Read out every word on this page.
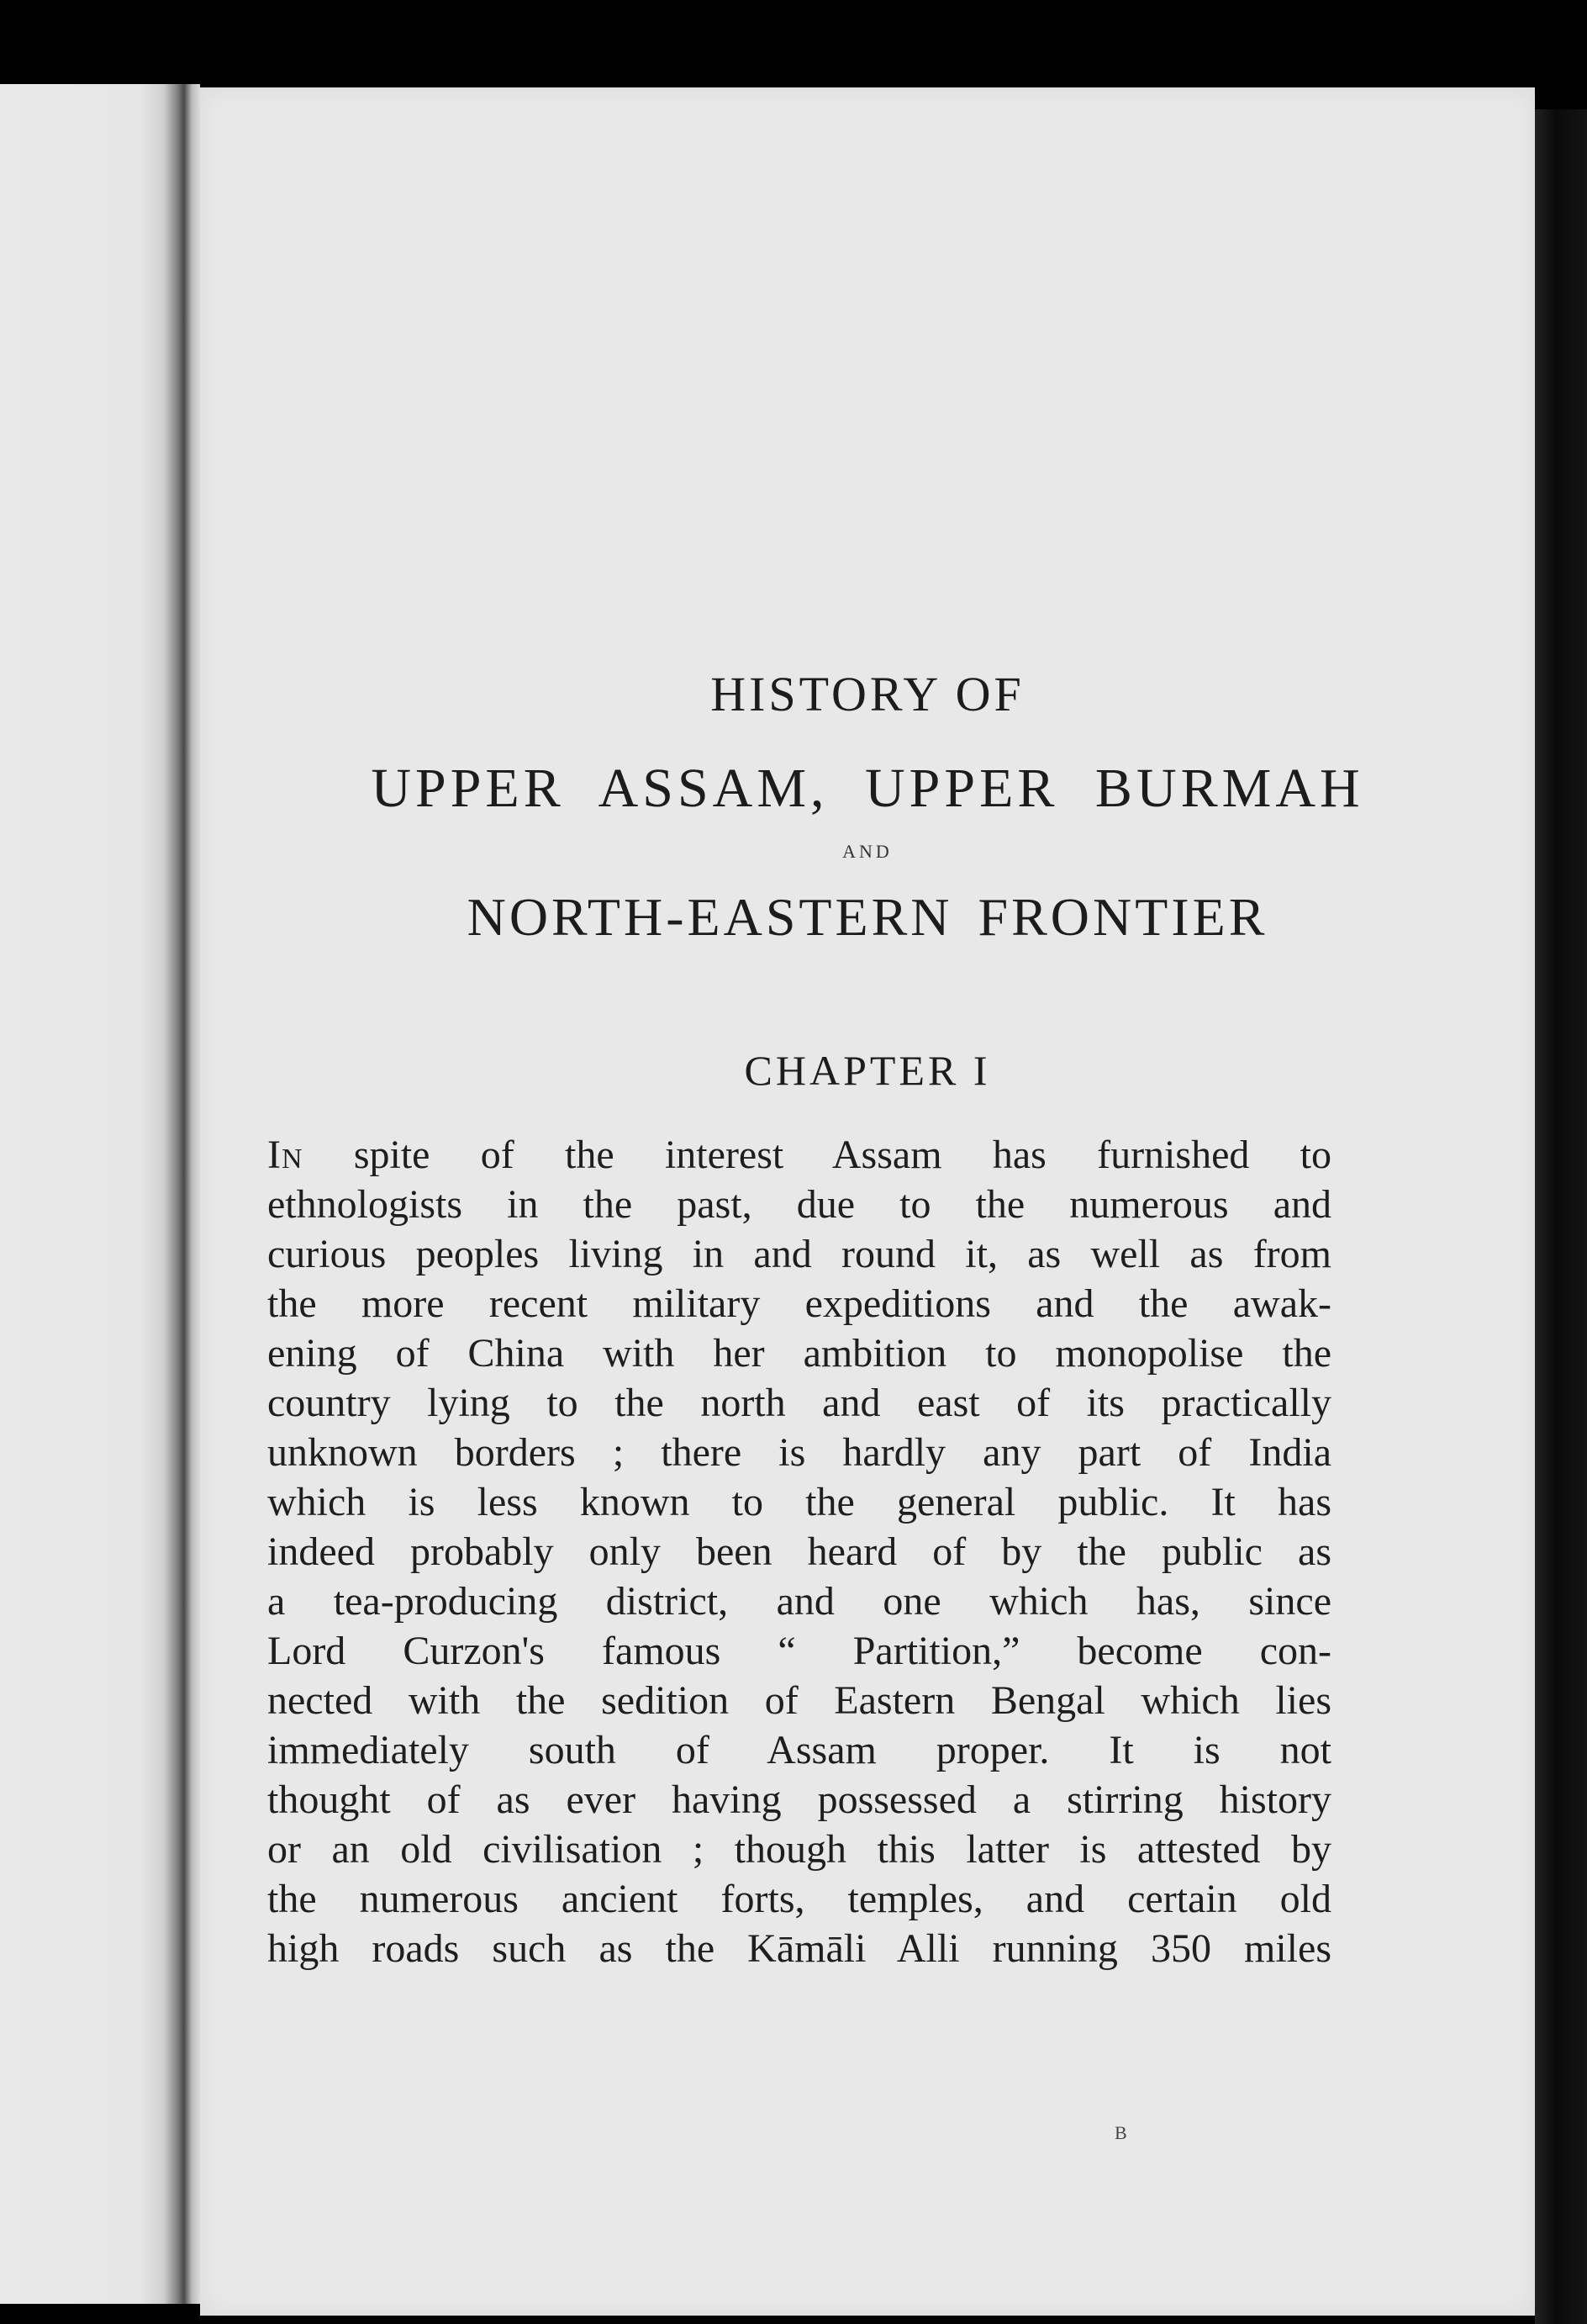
HISTORY OF
UPPER ASSAM, UPPER BURMAH
AND
NORTH-EASTERN FRONTIER
CHAPTER I
In spite of the interest Assam has furnished to
ethnologists in the past, due to the numerous and
curious peoples living in and round it, as well as from
the more recent military expeditions and the awak-
ening of China with her ambition to monopolise the
country lying to the north and east of its practically
unknown borders ; there is hardly any part of India
which is less known to the general public. It has
indeed probably only been heard of by the public as
a tea-producing district, and one which has, since
Lord Curzon's famous “ Partition,” become con-
nected with the sedition of Eastern Bengal which lies
immediately south of Assam proper. It is not
thought of as ever having possessed a stirring history
or an old civilisation ; though this latter is attested by
the numerous ancient forts, temples, and certain old
high roads such as the Kāmāli Alli running 350 miles
B
